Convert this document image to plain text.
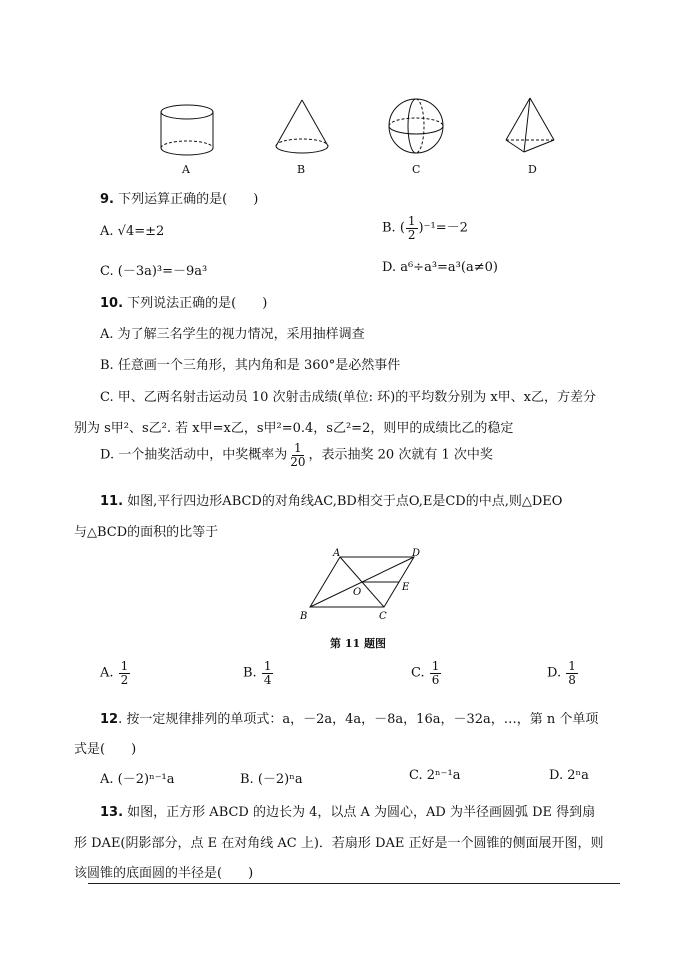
A	B	C	D
9. 下列运算正确的是(　　)
A. √4=±2	B. ( $\frac{1}{2} )^{-1}=-2$
C. (－3a)³=－9a³	D. a⁶÷a³=a³(a≠0)
10. 下列说法正确的是(　　)
A. 为了解三名学生的视力情况，采用抽样调查
B. 任意画一个三角形，其内角和是 360°是必然事件
C. 甲、乙两名射击运动员 10 次射击成绩(单位: 环)的平均数分别为 x甲、x乙，方差分
别为 s甲²、s乙². 若 x甲=x乙，s甲²=0.4，s乙²=2，则甲的成绩比乙的稳定
D. 一个抽奖活动中，中奖概率为 $\frac{1}{20}$ ，表示抽奖 20 次就有 1 次中奖
11. 如图,平行四边形ABCD的对角线AC,BD相交于点O,E是CD的中点,则△DEO
与△BCD的面积的比等于
A	D
B	C
O	E
第 11 题图
A. $\frac{1}{2}$	B. $\frac{1}{4}$	C. $\frac{1}{6}$	D. $\frac{1}{8}$
12. 按一定规律排列的单项式：a，－2a，4a，－8a，16a，－32a，…，第 n 个单项
式是(　　)
A. (－2)ⁿ⁻¹a	B. (－2)ⁿa	C. 2ⁿ⁻¹a	D. 2ⁿa
13. 如图，正方形 ABCD 的边长为 4，以点 A 为圆心，AD 为半径画圆弧 DE 得到扇
形 DAE(阴影部分，点 E 在对角线 AC 上)．若扇形 DAE 正好是一个圆锥的侧面展开图，则
该圆锥的底面圆的半径是(　　)
